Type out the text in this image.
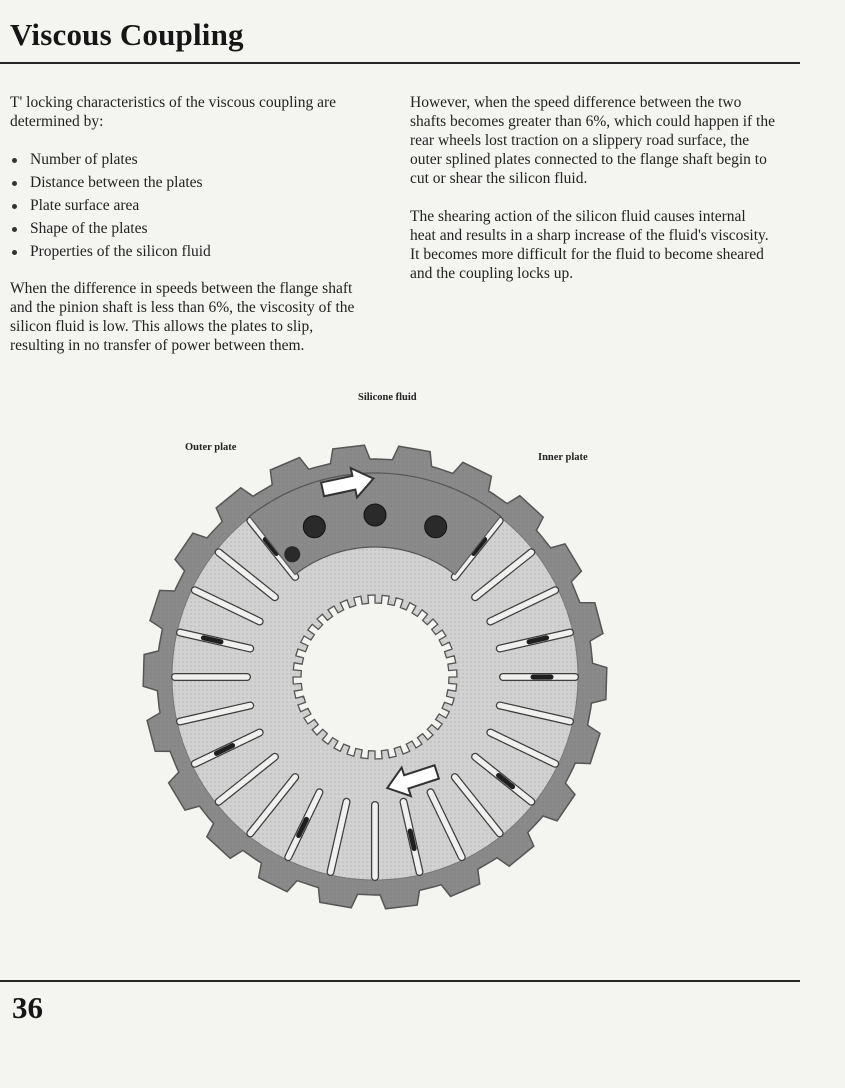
Viscous Coupling

T' locking characteristics of the viscous coupling are determined by:

Number of plates
Distance between the plates
Plate surface area
Shape of the plates
Properties of the silicon fluid

When the difference in speeds between the flange shaft and the pinion shaft is less than 6%, the viscosity of the silicon fluid is low. This allows the plates to slip, resulting in no transfer of power between them.

However, when the speed difference between the two shafts becomes greater than 6%, which could happen if the rear wheels lost traction on a slippery road surface, the outer splined plates connected to the flange shaft begin to cut or shear the silicon fluid.

The shearing action of the silicon fluid causes internal heat and results in a sharp increase of the fluid's viscosity. It becomes more difficult for the fluid to become sheared and the coupling locks up.

Silicone fluid
Outer plate
Inner plate

36
